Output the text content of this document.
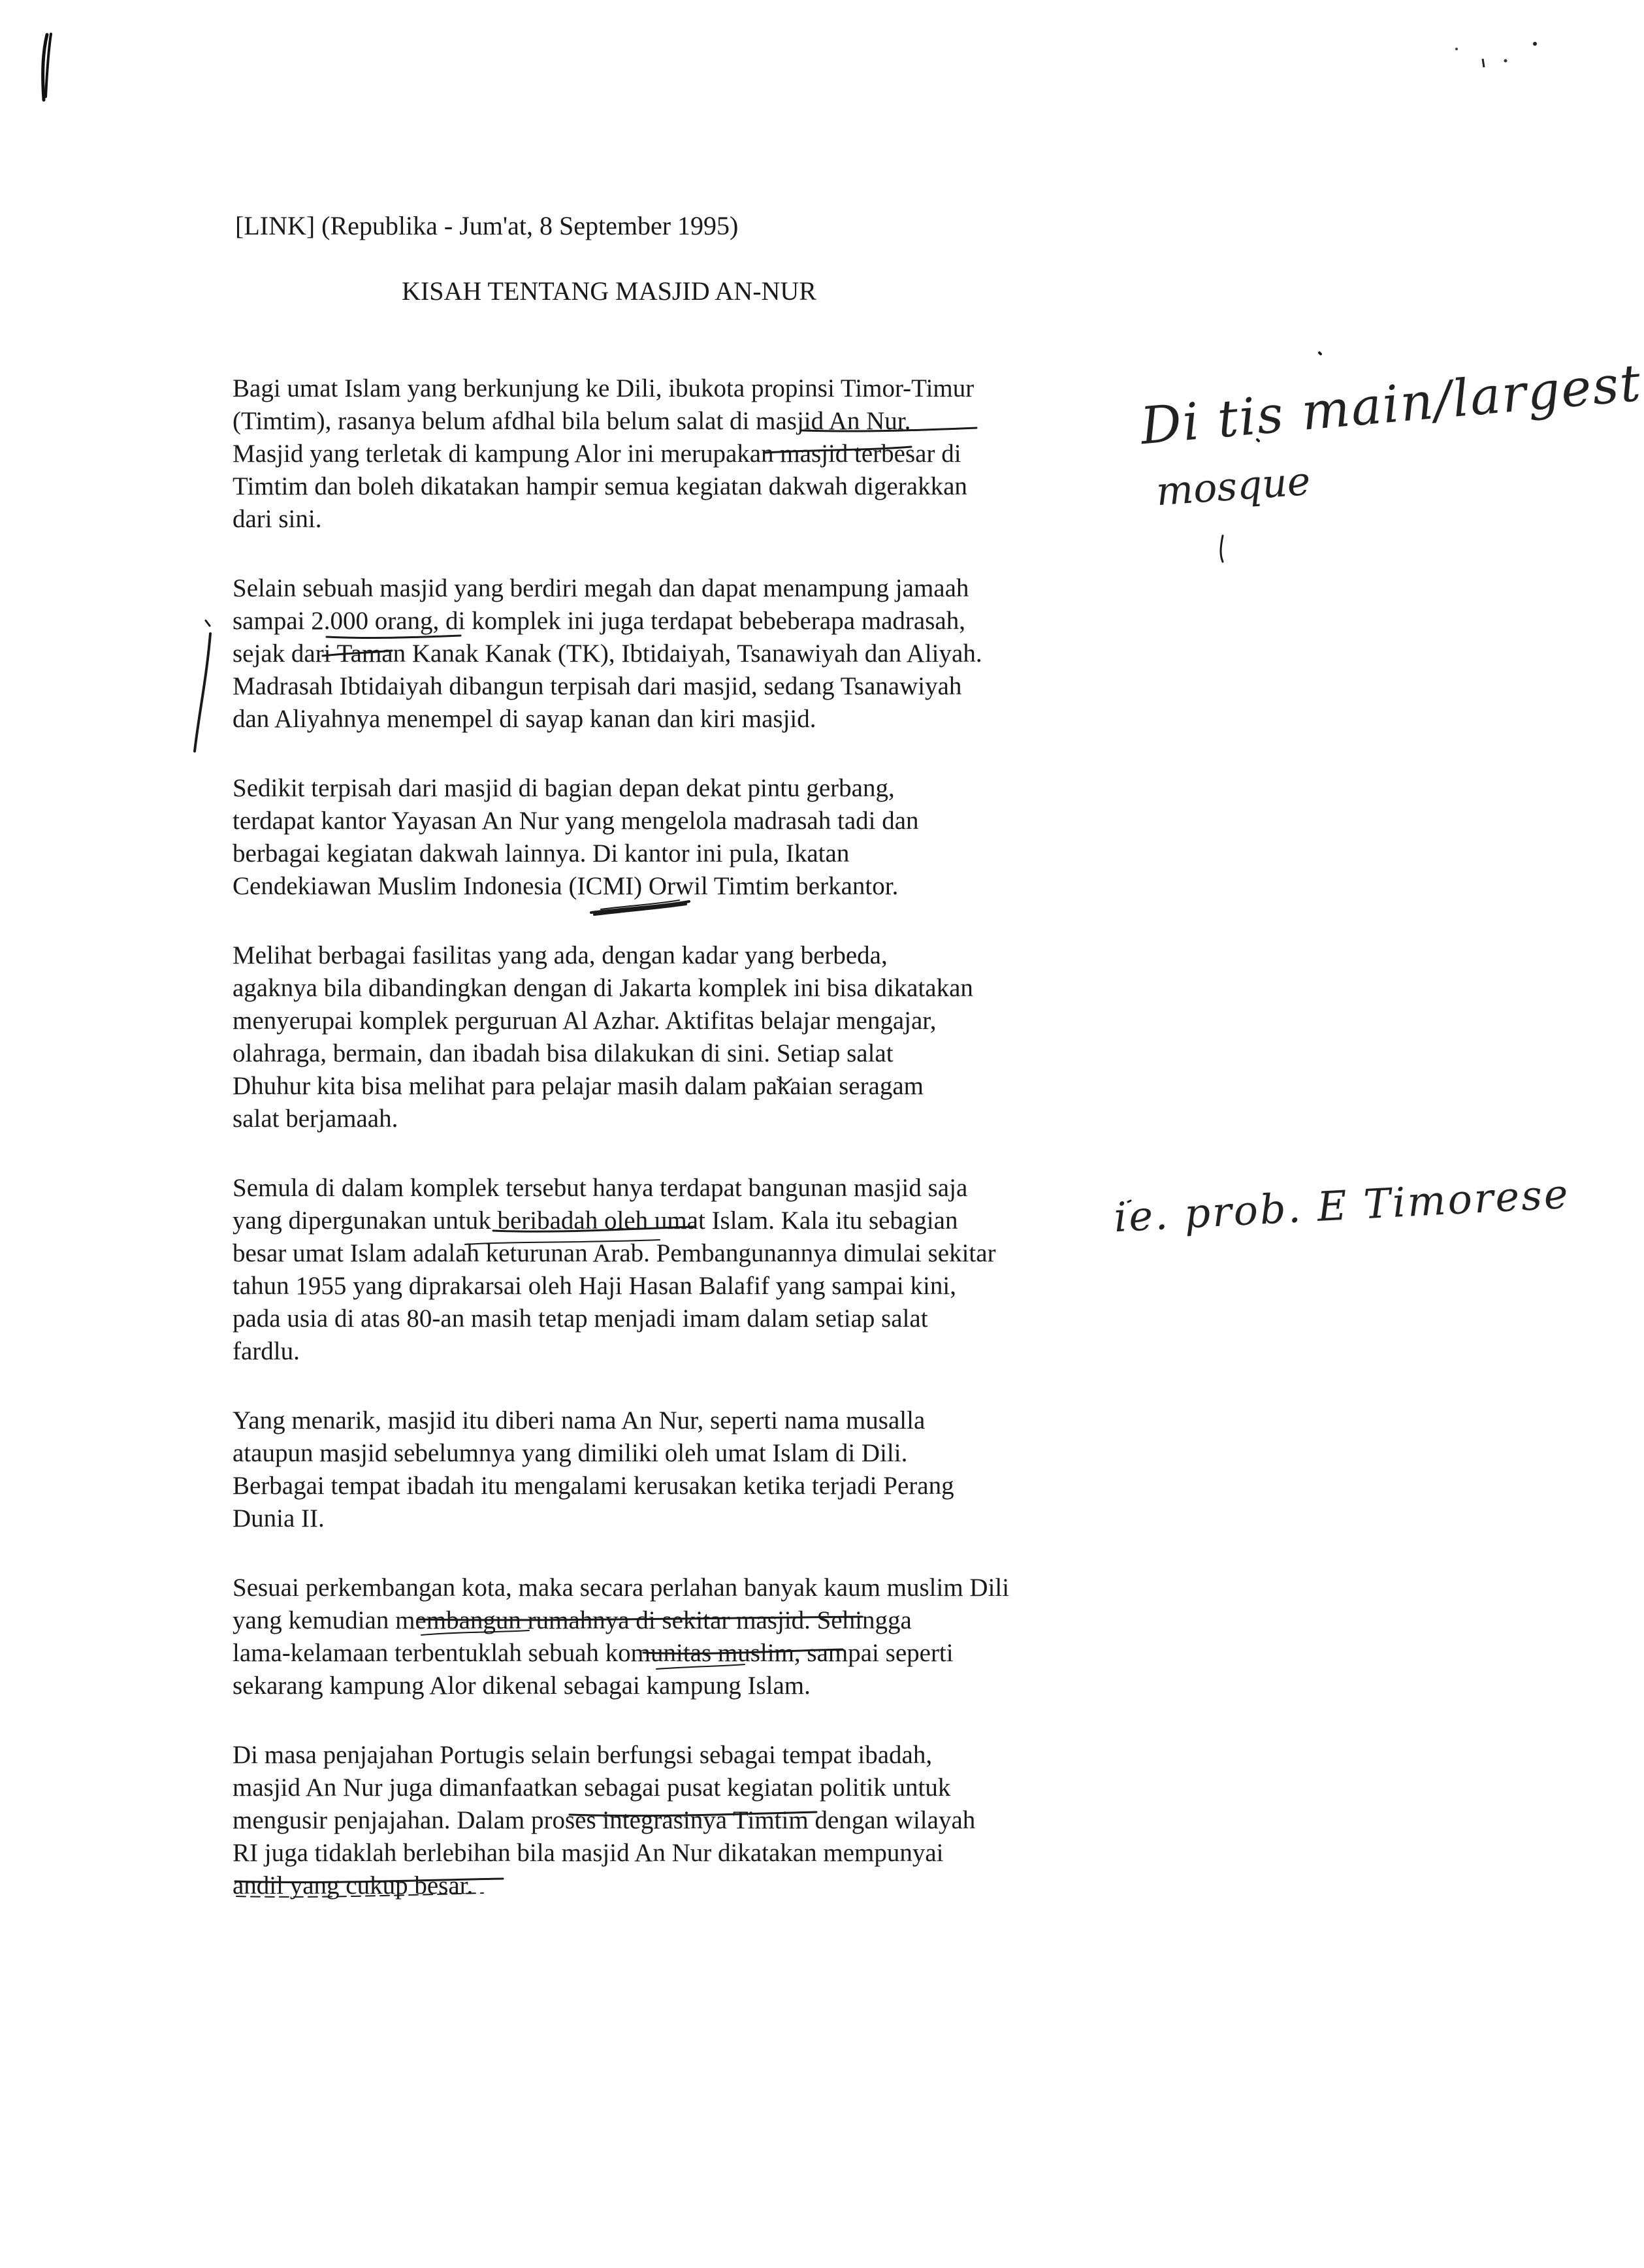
[LINK] (Republika - Jum'at, 8 September 1995)
KISAH TENTANG MASJID AN-NUR
Bagi umat Islam yang berkunjung ke Dili, ibukota propinsi Timor-Timur
(Timtim), rasanya belum afdhal bila belum salat di masjid An Nur.
Masjid yang terletak di kampung Alor ini merupakan masjid terbesar di
Timtim dan boleh dikatakan hampir semua kegiatan dakwah digerakkan
dari sini.
Selain sebuah masjid yang berdiri megah dan dapat menampung jamaah
sampai 2.000 orang, di komplek ini juga terdapat bebeberapa madrasah,
sejak dari Taman Kanak Kanak (TK), Ibtidaiyah, Tsanawiyah dan Aliyah.
Madrasah Ibtidaiyah dibangun terpisah dari masjid, sedang Tsanawiyah
dan Aliyahnya menempel di sayap kanan dan kiri masjid.
Sedikit terpisah dari masjid di bagian depan dekat pintu gerbang,
terdapat kantor Yayasan An Nur yang mengelola madrasah tadi dan
berbagai kegiatan dakwah lainnya. Di kantor ini pula, Ikatan
Cendekiawan Muslim Indonesia (ICMI) Orwil Timtim berkantor.
Melihat berbagai fasilitas yang ada, dengan kadar yang berbeda,
agaknya bila dibandingkan dengan di Jakarta komplek ini bisa dikatakan
menyerupai komplek perguruan Al Azhar. Aktifitas belajar mengajar,
olahraga, bermain, dan ibadah bisa dilakukan di sini. Setiap salat
Dhuhur kita bisa melihat para pelajar masih dalam pakaian seragam
salat berjamaah.
Semula di dalam komplek tersebut hanya terdapat bangunan masjid saja
yang dipergunakan untuk beribadah oleh umat Islam. Kala itu sebagian
besar umat Islam adalah keturunan Arab. Pembangunannya dimulai sekitar
tahun 1955 yang diprakarsai oleh Haji Hasan Balafif yang sampai kini,
pada usia di atas 80-an masih tetap menjadi imam dalam setiap salat
fardlu.
Yang menarik, masjid itu diberi nama An Nur, seperti nama musalla
ataupun masjid sebelumnya yang dimiliki oleh umat Islam di Dili.
Berbagai tempat ibadah itu mengalami kerusakan ketika terjadi Perang
Dunia II.
Sesuai perkembangan kota, maka secara perlahan banyak kaum muslim Dili
yang kemudian membangun rumahnya di sekitar masjid. Sehingga
lama-kelamaan terbentuklah sebuah komunitas muslim, sampai seperti
sekarang kampung Alor dikenal sebagai kampung Islam.
Di masa penjajahan Portugis selain berfungsi sebagai tempat ibadah,
masjid An Nur juga dimanfaatkan sebagai pusat kegiatan politik untuk
mengusir penjajahan. Dalam proses integrasinya Timtim dengan wilayah
RI juga tidaklah berlebihan bila masjid An Nur dikatakan mempunyai
andil yang cukup besar.
Di tis main/largest
mosque
ie. prob. E Timorese
